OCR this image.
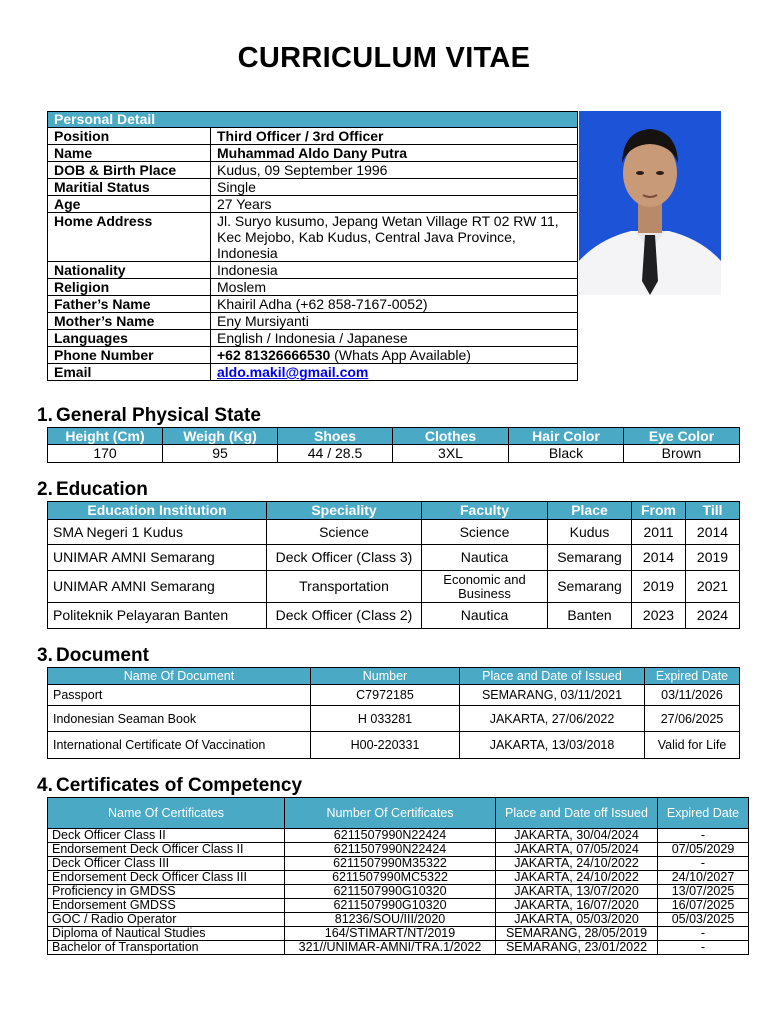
CURRICULUM VITAE
Personal Detail	
Position	Third Officer / 3rd Officer
Name	Muhammad Aldo Dany Putra
DOB & Birth Place	Kudus, 09 September 1996
Maritial Status	Single
Age	27 Years
Home Address	Jl. Suryo kusumo, Jepang Wetan Village RT 02 RW 11, Kec Mejobo, Kab Kudus, Central Java Province, Indonesia
Nationality	Indonesia
Religion	Moslem
Father’s Name	Khairil Adha (+62 858-7167-0052)
Mother’s Name	Eny Mursiyanti
Languages	English / Indonesia / Japanese
Phone Number	+62 81326666530 (Whats App Available)
Email	aldo.makil@gmail.com
1. General Physical State
Height (Cm)	Weigh (Kg)	Shoes	Clothes	Hair Color	Eye Color
170	95	44 / 28.5	3XL	Black	Brown
2. Education
Education Institution	Speciality	Faculty	Place	From	Till
SMA Negeri 1 Kudus	Science	Science	Kudus	2011	2014
UNIMAR AMNI Semarang	Deck Officer (Class 3)	Nautica	Semarang	2014	2019
UNIMAR AMNI Semarang	Transportation	Economic and Business	Semarang	2019	2021
Politeknik Pelayaran Banten	Deck Officer (Class 2)	Nautica	Banten	2023	2024
3. Document
Name Of Document	Number	Place and Date of Issued	Expired Date
Passport	C7972185	SEMARANG, 03/11/2021	03/11/2026
Indonesian Seaman Book	H 033281	JAKARTA, 27/06/2022	27/06/2025
International Certificate Of Vaccination	H00-220331	JAKARTA, 13/03/2018	Valid for Life
4. Certificates of Competency
Name Of Certificates	Number Of Certificates	Place and Date off Issued	Expired Date
Deck Officer Class II	6211507990N22424	JAKARTA, 30/04/2024	-
Endorsement Deck Officer Class II	6211507990N22424	JAKARTA, 07/05/2024	07/05/2029
Deck Officer Class III	6211507990M35322	JAKARTA, 24/10/2022	-
Endorsement Deck Officer Class III	6211507990MC5322	JAKARTA, 24/10/2022	24/10/2027
Proficiency in GMDSS	6211507990G10320	JAKARTA, 13/07/2020	13/07/2025
Endorsement GMDSS	6211507990G10320	JAKARTA, 16/07/2020	16/07/2025
GOC / Radio Operator	81236/SOU/III/2020	JAKARTA, 05/03/2020	05/03/2025
Diploma of Nautical Studies	164/STIMART/NT/2019	SEMARANG, 28/05/2019	-
Bachelor of Transportation	321//UNIMAR-AMNI/TRA.1/2022	SEMARANG, 23/01/2022	-
